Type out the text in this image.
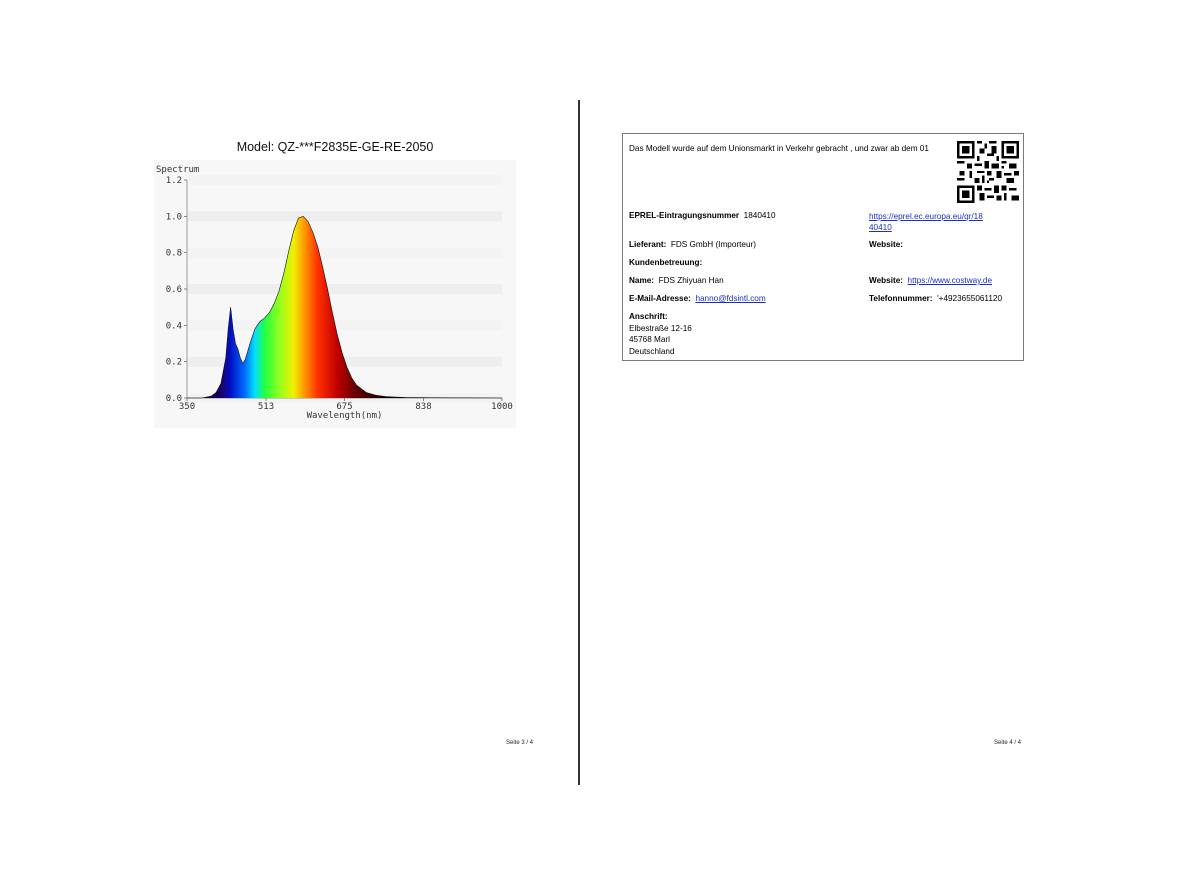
Model: QZ-***F2835E-GE-RE-2050
0.0
0.2
0.4
0.6
0.8
1.0
1.2
350	513	675	838	1000
Spectrum
Wavelength(nm)
Seite 3 / 4
Das Modell wurde auf dem Unionsmarkt in Verkehr gebracht , und zwar ab dem 01
EPREL-Eintragungsnummer 1840410	https://eprel.ec.europa.eu/qr/18
40410
Lieferant: FDS GmbH (Importeur)	Website:
Kundenbetreuung:
Name: FDS Zhiyuan Han	Website: https://www.costway.de
E-Mail-Adresse: hanno@fdsintl.com	Telefonnummer: '+4923655061120
Anschrift:
Elbestraße 12-16
45768 Marl
Deutschland
Seite 4 / 4
